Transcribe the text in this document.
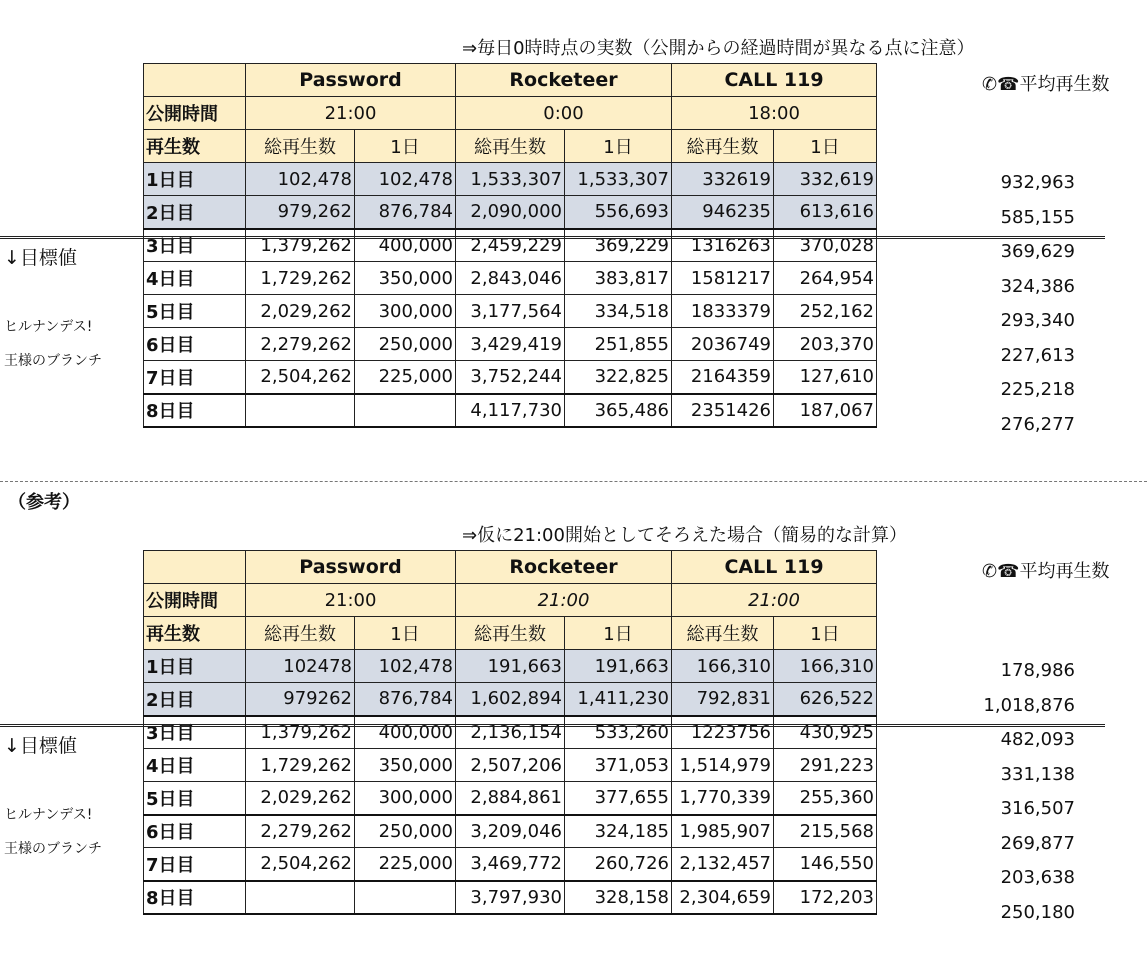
⇒毎日0時時点の実数（公開からの経過時間が異なる点に注意）
✆☎平均再生数
	Password		Rocketeer		CALL 119	
公開時間	21:00		0:00		18:00	
再生数	総再生数	1日	総再生数	1日	総再生数	1日
1日目	102,478	102,478	1,533,307	1,533,307	332619	332,619
2日目	979,262	876,784	2,090,000	556,693	946235	613,616
3日目	1,379,262	400,000	2,459,229	369,229	1316263	370,028
4日目	1,729,262	350,000	2,843,046	383,817	1581217	264,954
5日目	2,029,262	300,000	3,177,564	334,518	1833379	252,162
6日目	2,279,262	250,000	3,429,419	251,855	2036749	203,370
7日目	2,504,262	225,000	3,752,244	322,825	2164359	127,610
8日目			4,117,730	365,486	2351426	187,067
932,963
585,155
369,629
324,386
293,340
227,613
225,218
276,277
↓目標値
ヒルナンデス!
王様のブランチ
（参考）
⇒仮に21:00開始としてそろえた場合（簡易的な計算）
✆☎平均再生数
	Password		Rocketeer		CALL 119	
公開時間	21:00		21:00		21:00	
再生数	総再生数	1日	総再生数	1日	総再生数	1日
1日目	102478	102,478	191,663	191,663	166,310	166,310
2日目	979262	876,784	1,602,894	1,411,230	792,831	626,522
3日目	1,379,262	400,000	2,136,154	533,260	1223756	430,925
4日目	1,729,262	350,000	2,507,206	371,053	1,514,979	291,223
5日目	2,029,262	300,000	2,884,861	377,655	1,770,339	255,360
6日目	2,279,262	250,000	3,209,046	324,185	1,985,907	215,568
7日目	2,504,262	225,000	3,469,772	260,726	2,132,457	146,550
8日目			3,797,930	328,158	2,304,659	172,203
178,986
1,018,876
482,093
331,138
316,507
269,877
203,638
250,180
↓目標値
ヒルナンデス!
王様のブランチ
